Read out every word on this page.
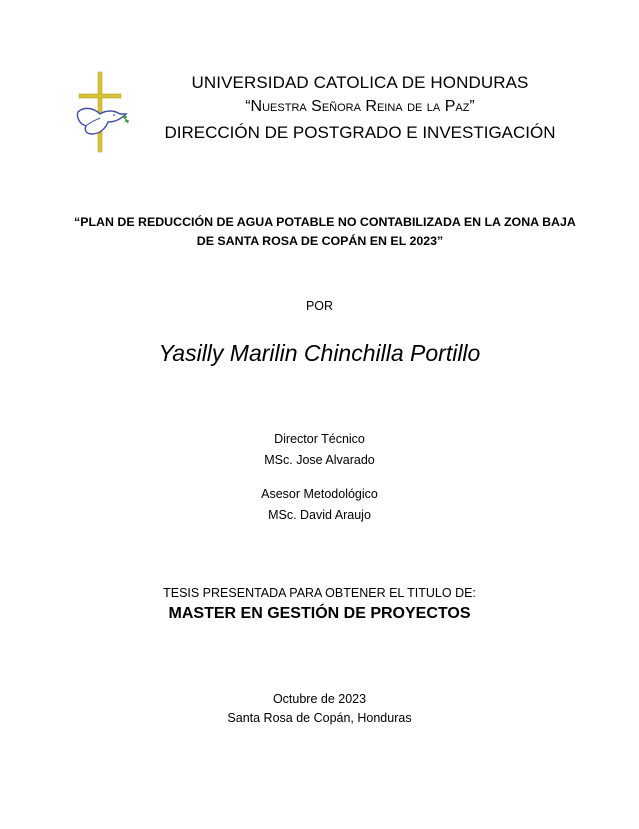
UNIVERSIDAD CATOLICA DE HONDURAS
“Nuestra Señora Reina de la Paz”
DIRECCIÓN DE POSTGRADO E INVESTIGACIÓN
“PLAN DE REDUCCIÓN DE AGUA POTABLE NO CONTABILIZADA EN LA ZONA BAJA
DE SANTA ROSA DE COPÁN EN EL 2023”
POR
Yasilly Marilin Chinchilla Portillo
Director Técnico
MSc. Jose Alvarado
Asesor Metodológico
MSc. David Araujo
TESIS PRESENTADA PARA OBTENER EL TITULO DE:
MASTER EN GESTIÓN DE PROYECTOS
Octubre de 2023
Santa Rosa de Copán, Honduras
